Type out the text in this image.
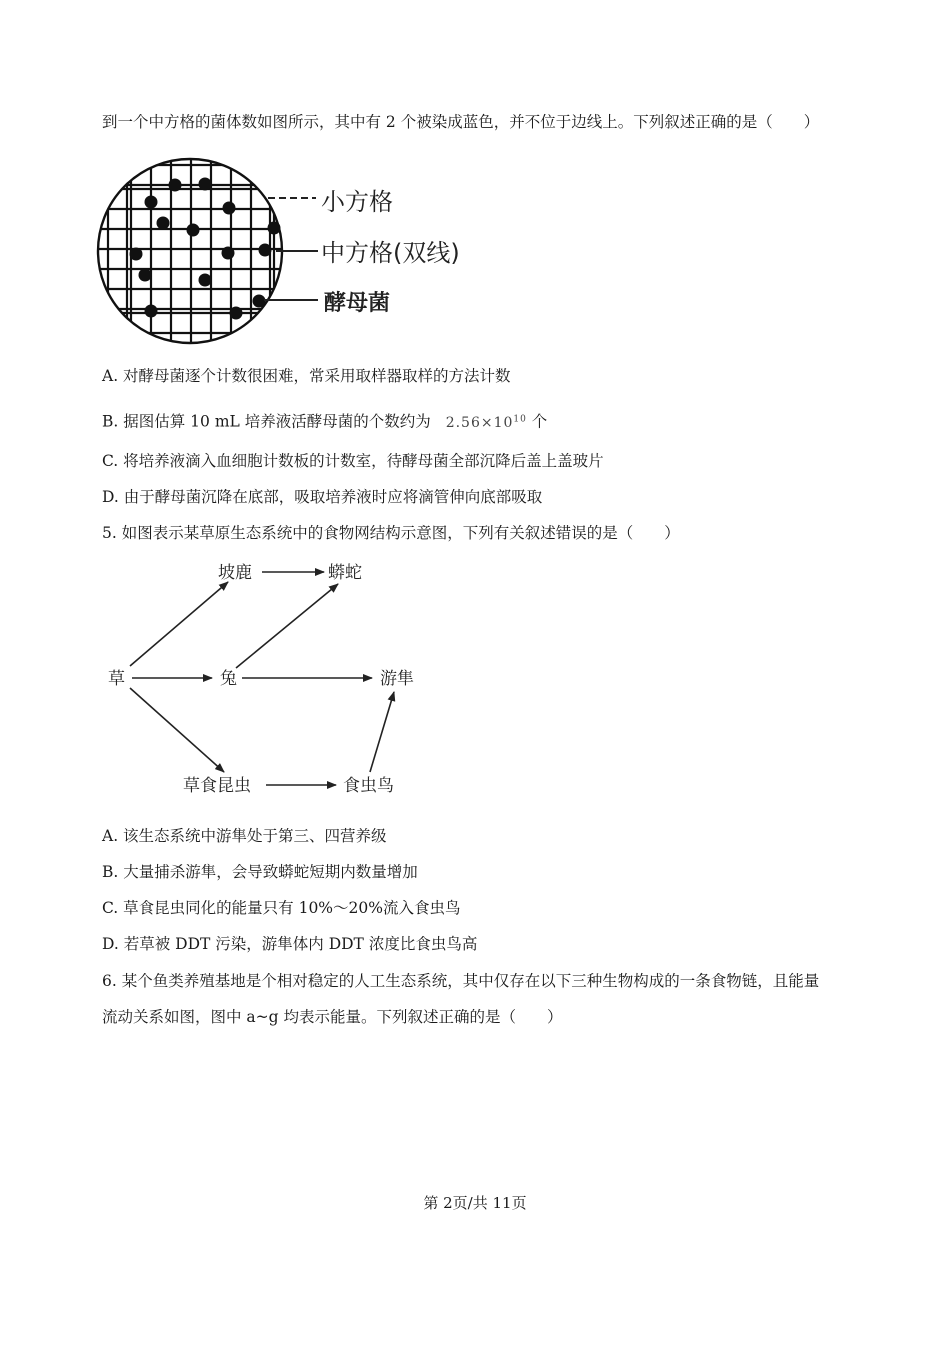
到一个中方格的菌体数如图所示，其中有 2 个被染成蓝色，并不位于边线上。下列叙述正确的是（　　）
小方格
中方格(双线)
酵母菌
A. 对酵母菌逐个计数很困难，常采用取样器取样的方法计数
B. 据图估算 10 mL 培养液活酵母菌的个数约为 $2.56\times 10^{10}$ 个
C. 将培养液滴入血细胞计数板的计数室，待酵母菌全部沉降后盖上盖玻片
D. 由于酵母菌沉降在底部，吸取培养液时应将滴管伸向底部吸取
5. 如图表示某草原生态系统中的食物网结构示意图，下列有关叙述错误的是（　　）
草
坡鹿	蟒蛇
兔	游隼
草食昆虫	食虫鸟
A. 该生态系统中游隼处于第三、四营养级
B. 大量捕杀游隼，会导致蟒蛇短期内数量增加
C. 草食昆虫同化的能量只有 10%～20%流入食虫鸟
D. 若草被 DDT 污染，游隼体内 DDT 浓度比食虫鸟高
6. 某个鱼类养殖基地是个相对稳定的人工生态系统，其中仅存在以下三种生物构成的一条食物链，且能量
流动关系如图，图中 a~g 均表示能量。下列叙述正确的是（　　）
第 2页/共 11页
